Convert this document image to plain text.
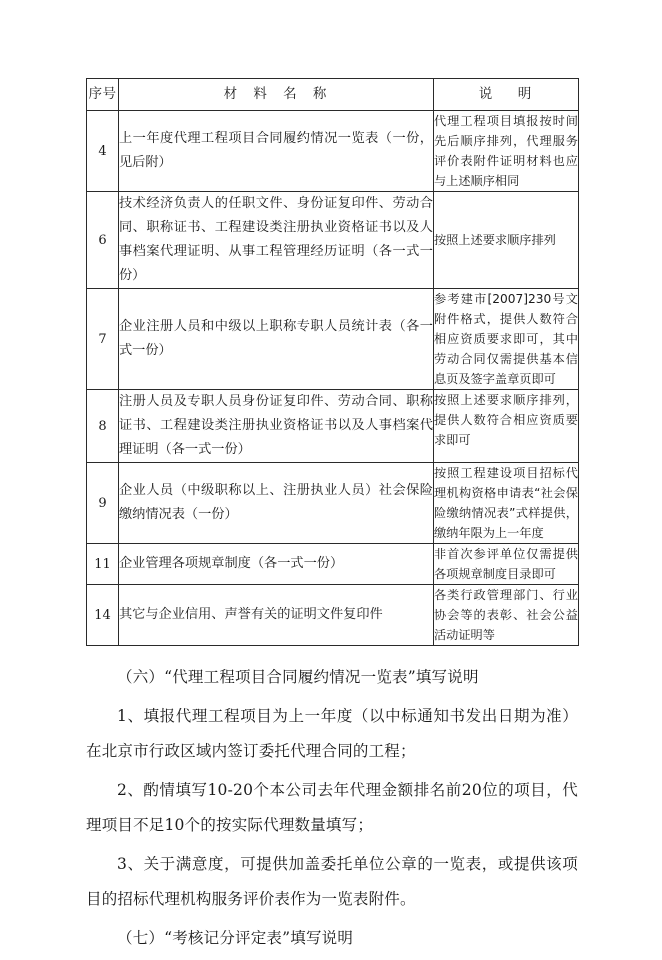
序号	材 料 名 称	说　明

4	上一年度代理工程项目合同履约情况一览表（一份，见后附）	代理工程项目填报按时间先后顺序排列，代理服务评价表附件证明材料也应与上述顺序相同
6	技术经济负责人的任职文件、身份证复印件、劳动合同、职称证书、工程建设类注册执业资格证书以及人事档案代理证明、从事工程管理经历证明（各一式一份）	按照上述要求顺序排列
7	企业注册人员和中级以上职称专职人员统计表（各一式一份）	参考建市[2007]230号文附件格式，提供人数符合相应资质要求即可，其中劳动合同仅需提供基本信息页及签字盖章页即可
8	注册人员及专职人员身份证复印件、劳动合同、职称证书、工程建设类注册执业资格证书以及人事档案代理证明（各一式一份）	按照上述要求顺序排列，提供人数符合相应资质要求即可
9	企业人员（中级职称以上、注册执业人员）社会保险缴纳情况表（一份）	按照工程建设项目招标代理机构资格申请表“社会保险缴纳情况表”式样提供，缴纳年限为上一年度
11	企业管理各项规章制度（各一式一份）	非首次参评单位仅需提供各项规章制度目录即可
14	其它与企业信用、声誉有关的证明文件复印件	各类行政管理部门、行业协会等的表彰、社会公益活动证明等

（六）“代理工程项目合同履约情况一览表”填写说明

1、填报代理工程项目为上一年度（以中标通知书发出日期为准）在北京市行政区域内签订委托代理合同的工程；

2、酌情填写10-20个本公司去年代理金额排名前20位的项目，代理项目不足10个的按实际代理数量填写；

3、关于满意度，可提供加盖委托单位公章的一览表，或提供该项目的招标代理机构服务评价表作为一览表附件。

（七）“考核记分评定表”填写说明
